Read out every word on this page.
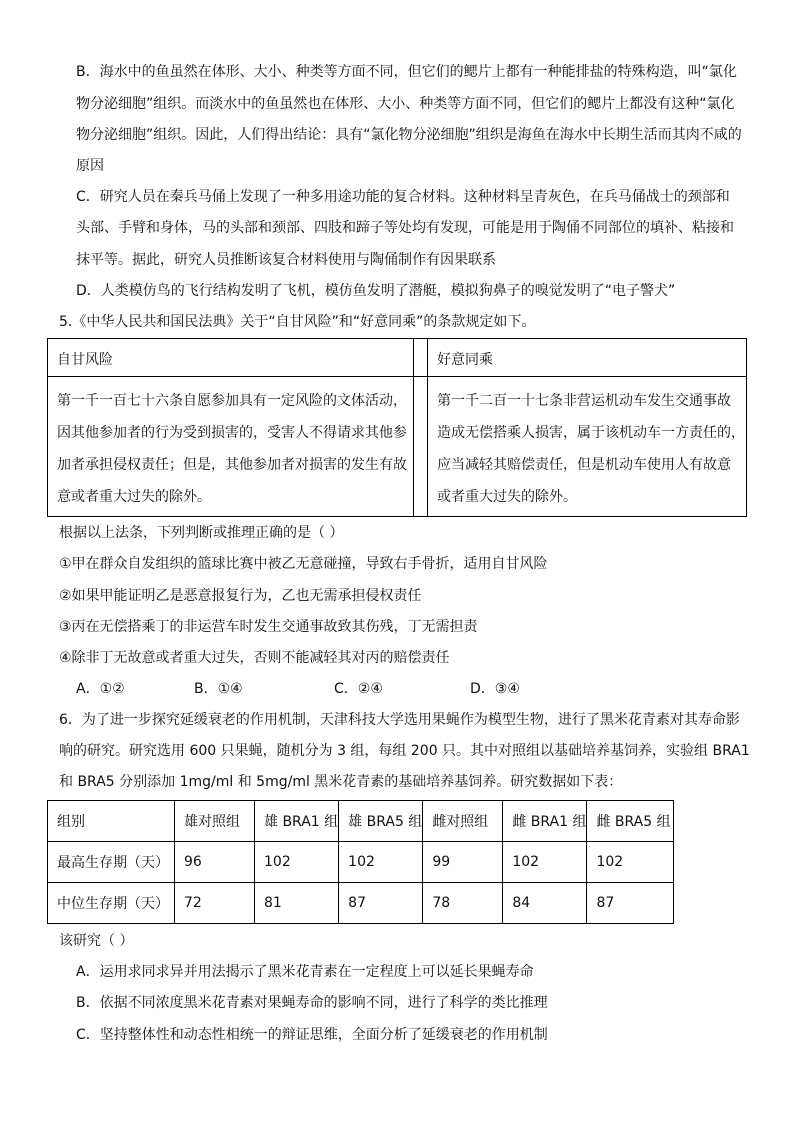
B．海水中的鱼虽然在体形、大小、种类等方面不同，但它们的鳃片上都有一种能排盐的特殊构造，叫“氯化
物分泌细胞”组织。而淡水中的鱼虽然也在体形、大小、种类等方面不同，但它们的鳃片上都没有这种“氯化
物分泌细胞”组织。因此，人们得出结论：具有“氯化物分泌细胞”组织是海鱼在海水中长期生活而其肉不咸的
原因
C．研究人员在秦兵马俑上发现了一种多用途功能的复合材料。这种材料呈青灰色，在兵马俑战士的颈部和
头部、手臂和身体，马的头部和颈部、四肢和蹄子等处均有发现，可能是用于陶俑不同部位的填补、粘接和
抹平等。据此，研究人员推断该复合材料使用与陶俑制作有因果联系
D．人类模仿鸟的飞行结构发明了飞机，模仿鱼发明了潜艇，模拟狗鼻子的嗅觉发明了“电子警犬”
5.《中华人民共和国民法典》关于“自甘风险”和“好意同乘”的条款规定如下。
自甘风险		好意同乘

第一千一百七十六条自愿参加具有一定风险的文体活动，
因其他参加者的行为受到损害的，受害人不得请求其他参
加者承担侵权责任；但是，其他参加者对损害的发生有故
意或者重大过失的除外。		第一千二百一十七条非营运机动车发生交通事故
造成无偿搭乘人损害，属于该机动车一方责任的，
应当减轻其赔偿责任，但是机动车使用人有故意
或者重大过失的除外。
根据以上法条，下列判断或推理正确的是（ ）
①甲在群众自发组织的篮球比赛中被乙无意碰撞，导致右手骨折，适用自甘风险
②如果甲能证明乙是恶意报复行为，乙也无需承担侵权责任
③丙在无偿搭乘丁的非运营车时发生交通事故致其伤残，丁无需担责
④除非丁无故意或者重大过失，否则不能减轻其对丙的赔偿责任
A．①②	B．①④	C．②④	D．③④
6．为了进一步探究延缓衰老的作用机制，天津科技大学选用果蝇作为模型生物，进行了黑米花青素对其寿命影
响的研究。研究选用 600 只果蝇，随机分为 3 组，每组 200 只。其中对照组以基础培养基饲养，实验组 BRA1
和 BRA5 分别添加 1mg/ml 和 5mg/ml 黑米花青素的基础培养基饲养。研究数据如下表：
组别	雄对照组	雄 BRA1 组	雄 BRA5 组	雌对照组	雌 BRA1 组	雌 BRA5 组
最高生存期（天）	96	102	102	99	102	102
中位生存期（天）	72	81	87	78	84	87
该研究（ ）
A．运用求同求异并用法揭示了黑米花青素在一定程度上可以延长果蝇寿命
B．依据不同浓度黑米花青素对果蝇寿命的影响不同，进行了科学的类比推理
C．坚持整体性和动态性相统一的辩证思维，全面分析了延缓衰老的作用机制
